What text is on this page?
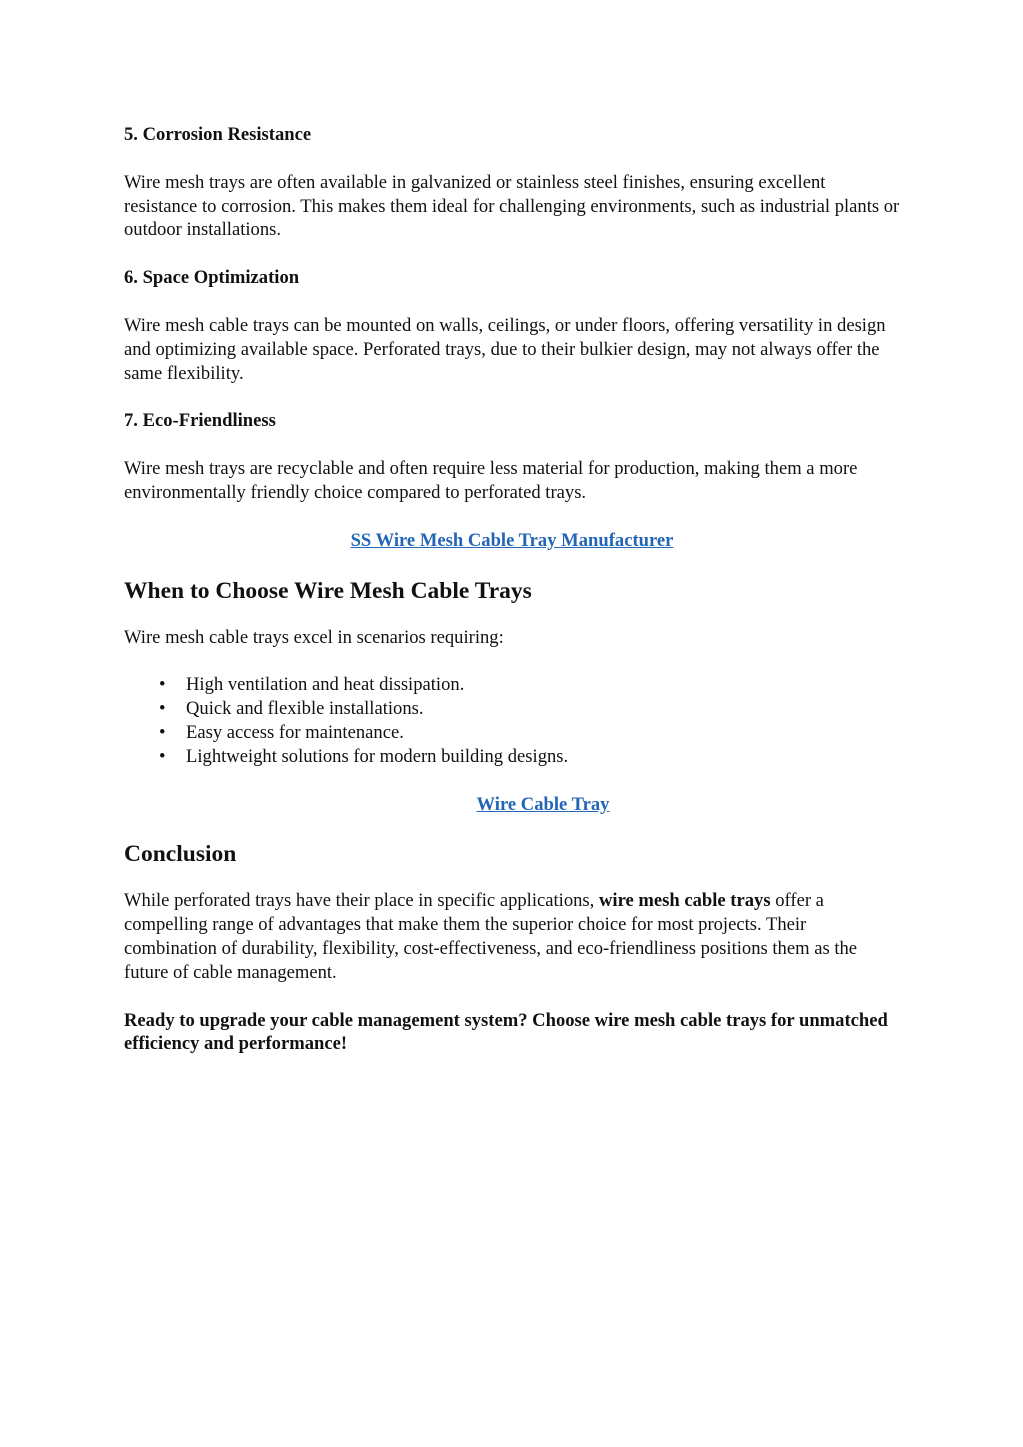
5. Corrosion Resistance

Wire mesh trays are often available in galvanized or stainless steel finishes, ensuring excellent resistance to corrosion. This makes them ideal for challenging environments, such as industrial plants or outdoor installations.

6. Space Optimization

Wire mesh cable trays can be mounted on walls, ceilings, or under floors, offering versatility in design and optimizing available space. Perforated trays, due to their bulkier design, may not always offer the same flexibility.

7. Eco-Friendliness

Wire mesh trays are recyclable and often require less material for production, making them a more environmentally friendly choice compared to perforated trays.

SS Wire Mesh Cable Tray Manufacturer
When to Choose Wire Mesh Cable Trays

Wire mesh cable trays excel in scenarios requiring:

• High ventilation and heat dissipation.
• Quick and flexible installations.
• Easy access for maintenance.
• Lightweight solutions for modern building designs.
Wire Cable Tray
Conclusion

While perforated trays have their place in specific applications, wire mesh cable trays offer a compelling range of advantages that make them the superior choice for most projects. Their combination of durability, flexibility, cost-effectiveness, and eco-friendliness positions them as the future of cable management.

Ready to upgrade your cable management system? Choose wire mesh cable trays for unmatched efficiency and performance!
